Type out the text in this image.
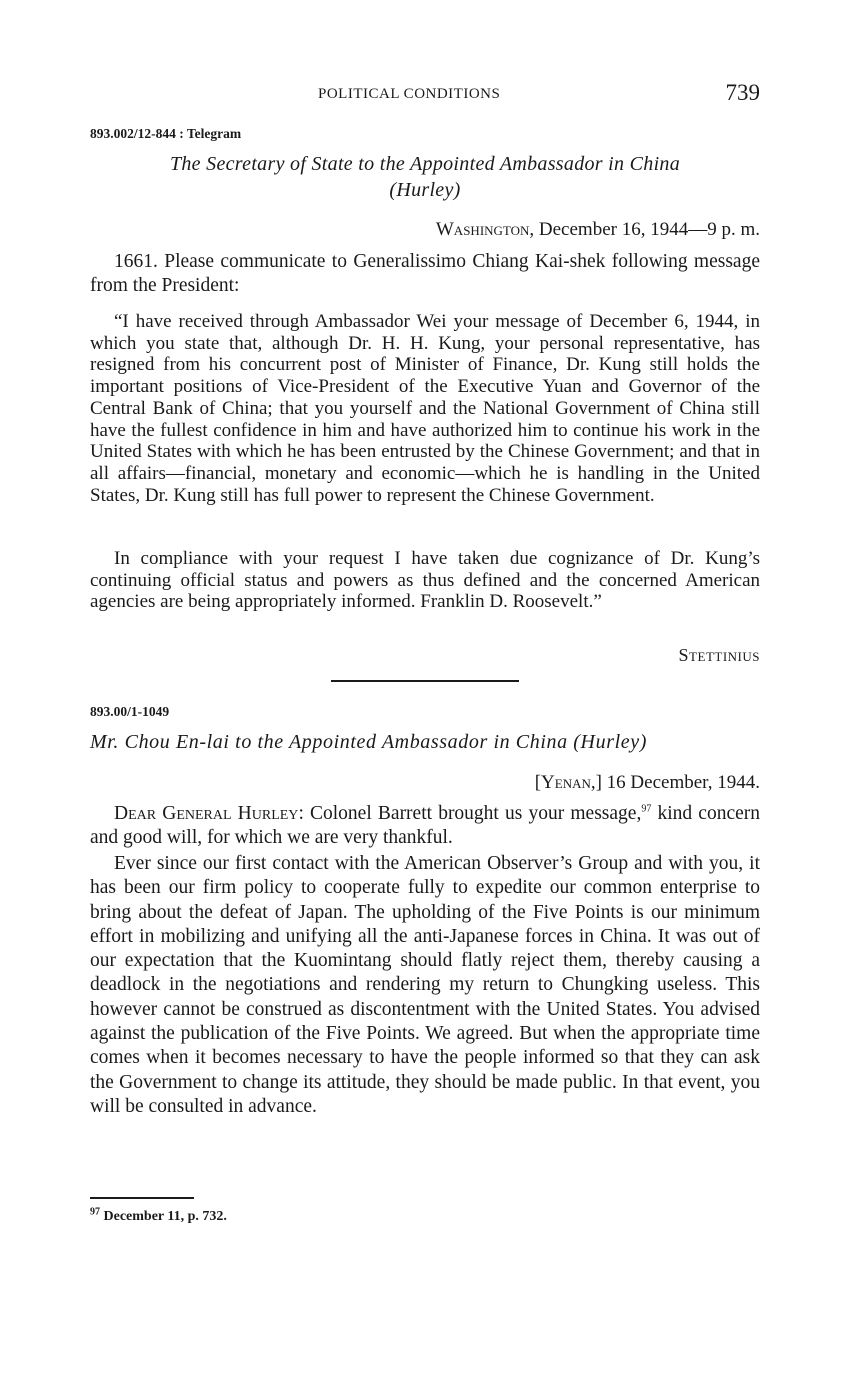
POLITICAL CONDITIONS	739
893.002/12-844 : Telegram
The Secretary of State to the Appointed Ambassador in China
(Hurley)
Washington, December 16, 1944—9 p. m.
1661. Please communicate to Generalissimo Chiang Kai-shek following message from the President:
“I have received through Ambassador Wei your message of December 6, 1944, in which you state that, although Dr. H. H. Kung, your personal representative, has resigned from his concurrent post of Minister of Finance, Dr. Kung still holds the important positions of Vice-President of the Executive Yuan and Governor of the Central Bank of China; that you yourself and the National Government of China still have the fullest confidence in him and have authorized him to continue his work in the United States with which he has been entrusted by the Chinese Government; and that in all affairs—financial, monetary and economic—which he is handling in the United States, Dr. Kung still has full power to represent the Chinese Government.
In compliance with your request I have taken due cognizance of Dr. Kung’s continuing official status and powers as thus defined and the concerned American agencies are being appropriately informed. Franklin D. Roosevelt.”
Stettinius
893.00/1-1049
Mr. Chou En-lai to the Appointed Ambassador in China (Hurley)
[Yenan,] 16 December, 1944.
Dear General Hurley: Colonel Barrett brought us your message,$^{97}$ kind concern and good will, for which we are very thankful.
Ever since our first contact with the American Observer’s Group and with you, it has been our firm policy to cooperate fully to expedite our common enterprise to bring about the defeat of Japan. The upholding of the Five Points is our minimum effort in mobilizing and unifying all the anti-Japanese forces in China. It was out of our expectation that the Kuomintang should flatly reject them, thereby causing a deadlock in the negotiations and rendering my return to Chungking useless. This however cannot be construed as discontentment with the United States. You advised against the publication of the Five Points. We agreed. But when the appropriate time comes when it becomes necessary to have the people informed so that they can ask the Government to change its attitude, they should be made public. In that event, you will be consulted in advance.
$^{97}$ December 11, p. 732.
